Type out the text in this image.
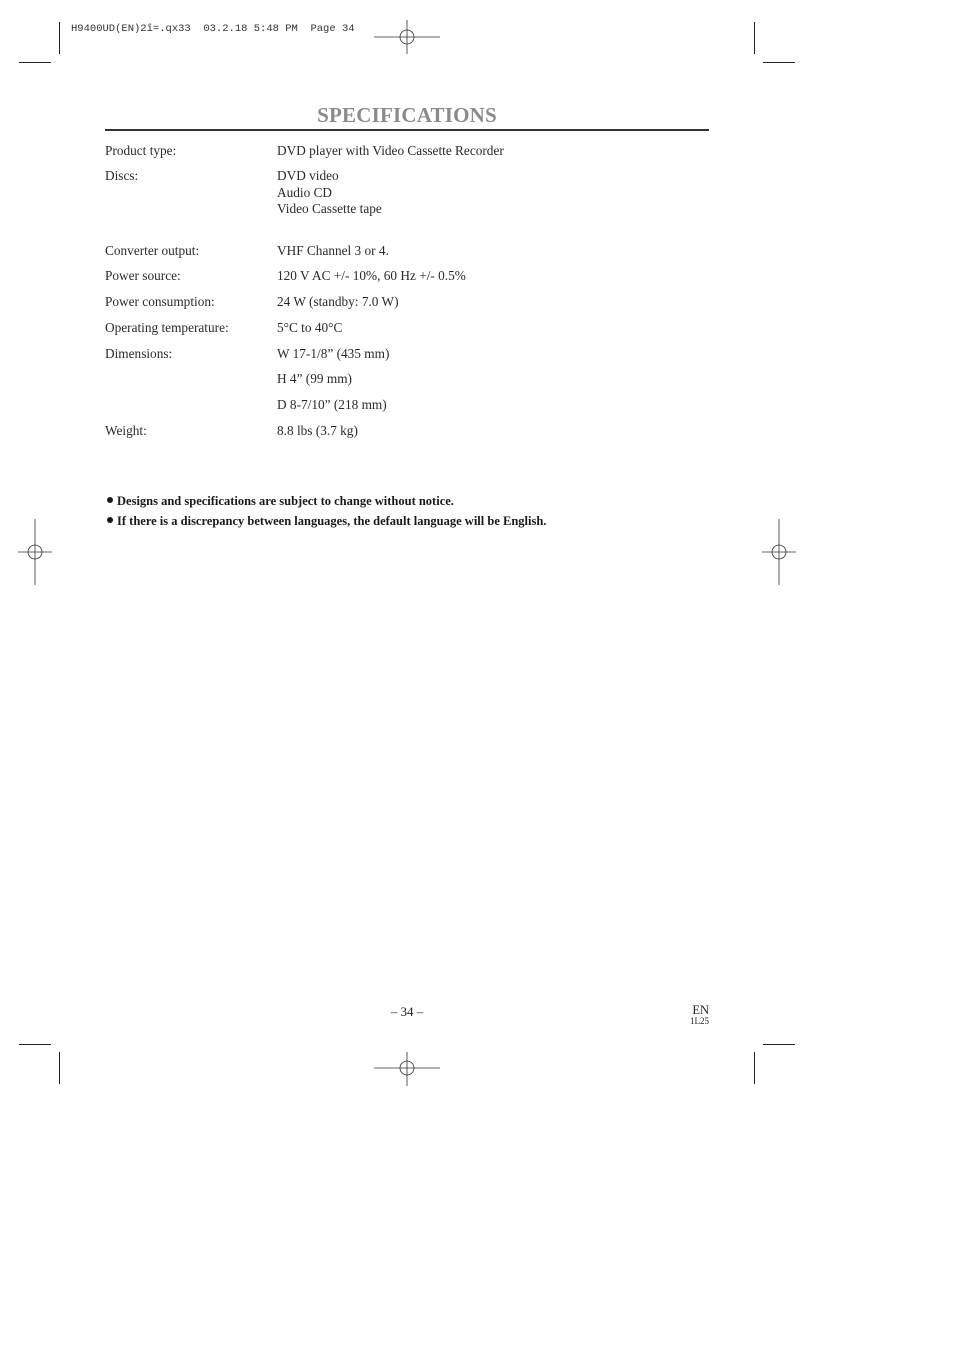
H9400UD(EN)2î=.qx33  03.2.18 5:48 PM  Page 34
SPECIFICATIONS
Product type:	DVD player with Video Cassette Recorder
Discs:	DVD video
Audio CD
Video Cassette tape
Converter output:	VHF Channel 3 or 4.
Power source:	120 V AC +/- 10%, 60 Hz +/- 0.5%
Power consumption:	24 W (standby: 7.0 W)
Operating temperature:	5°C to 40°C
Dimensions:	W 17-1/8” (435 mm)
H 4” (99 mm)
D 8-7/10” (218 mm)
Weight:	8.8 lbs (3.7 kg)
Designs and specifications are subject to change without notice.
If there is a discrepancy between languages, the default language will be English.
– 34 –	EN
1L25
